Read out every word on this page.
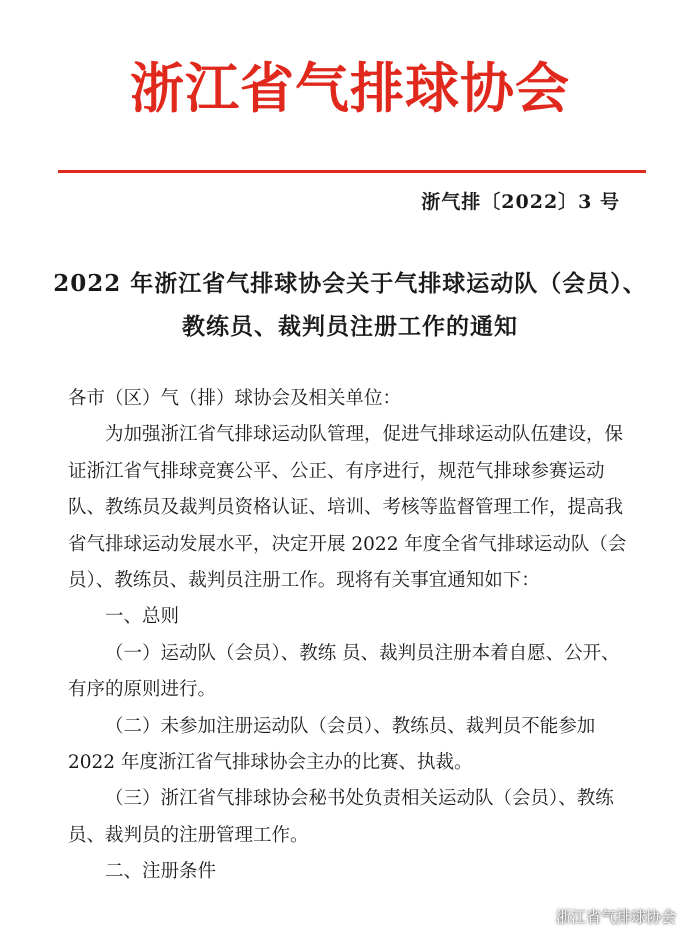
浙江省气排球协会
浙气排〔2022〕3 号
2022 年浙江省气排球协会关于气排球运动队（会员）、
教练员、裁判员注册工作的通知

各市（区）气（排）球协会及相关单位：

为加强浙江省气排球运动队管理，促进气排球运动队伍建设，保证浙江省气排球竞赛公平、公正、有序进行，规范气排球参赛运动队、教练员及裁判员资格认证、培训、考核等监督管理工作，提高我省气排球运动发展水平，决定开展 2022 年度全省气排球运动队（会员）、教练员、裁判员注册工作。现将有关事宜通知如下：

一、总则

（一）运动队（会员）、教练 员、裁判员注册本着自愿、公开、有序的原则进行。

（二）未参加注册运动队（会员）、教练员、裁判员不能参加 2022 年度浙江省气排球协会主办的比赛、执裁。

（三）浙江省气排球协会秘书处负责相关运动队（会员）、教练员、裁判员的注册管理工作。

二、注册条件

浙江省气排球协会
